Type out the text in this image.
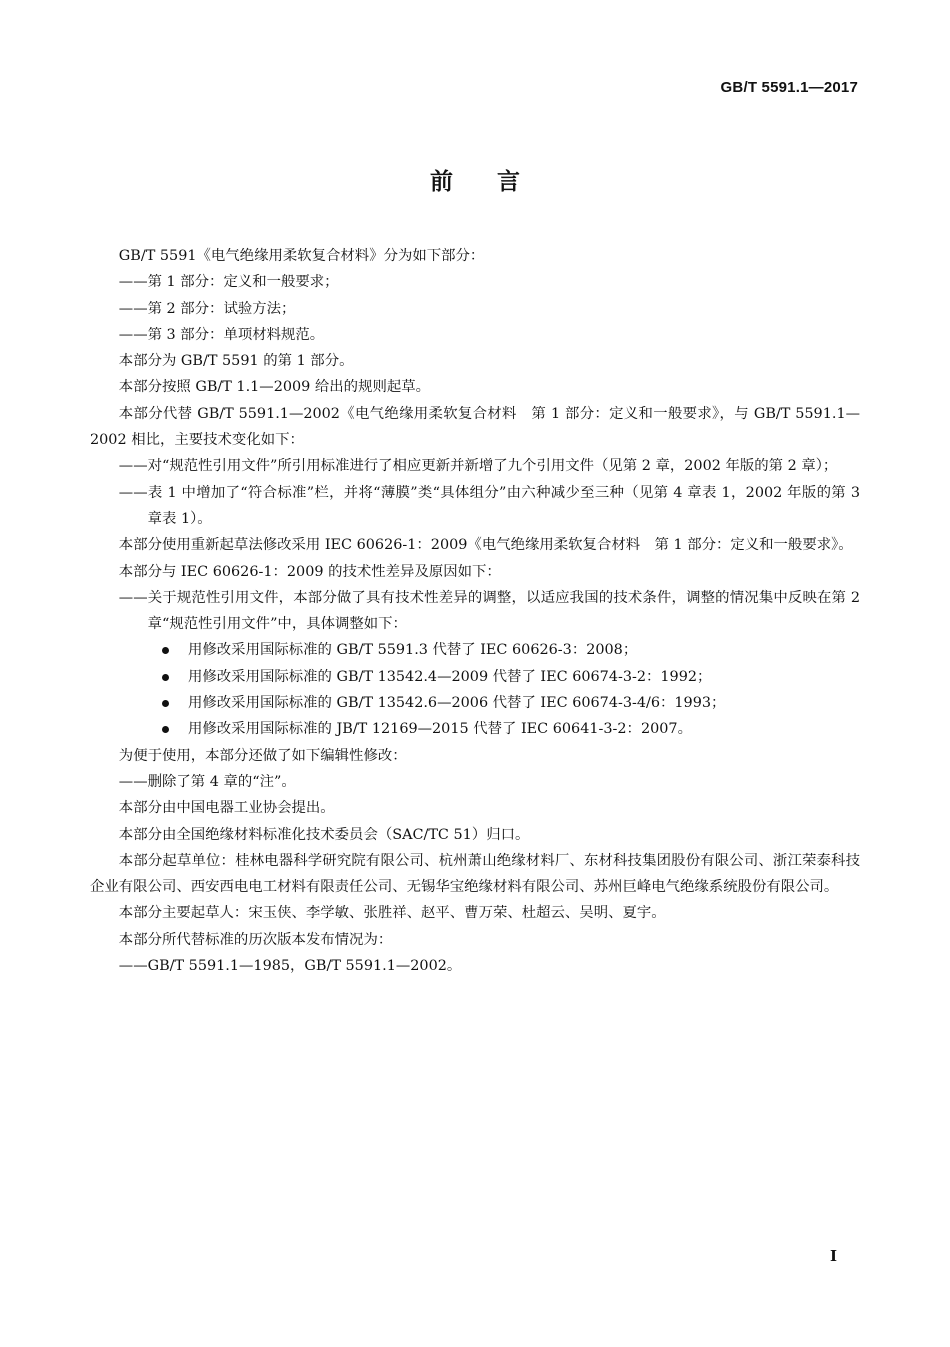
GB/T 5591.1—2017
前言

GB/T 5591《电气绝缘用柔软复合材料》分为如下部分：

——第 1 部分：定义和一般要求；

——第 2 部分：试验方法；

——第 3 部分：单项材料规范。

本部分为 GB/T 5591 的第 1 部分。

本部分按照 GB/T 1.1—2009 给出的规则起草。

本部分代替 GB/T 5591.1—2002《电气绝缘用柔软复合材料　第 1 部分：定义和一般要求》，与 GB/T 5591.1—2002 相比，主要技术变化如下：

——对“规范性引用文件”所引用标准进行了相应更新并新增了九个引用文件（见第 2 章，2002 年版的第 2 章）；

——表 1 中增加了“符合标准”栏，并将“薄膜”类“具体组分”由六种减少至三种（见第 4 章表 1，2002 年版的第 3 章表 1）。

本部分使用重新起草法修改采用 IEC 60626-1：2009《电气绝缘用柔软复合材料　第 1 部分：定义和一般要求》。

本部分与 IEC 60626-1：2009 的技术性差异及原因如下：

——关于规范性引用文件，本部分做了具有技术性差异的调整，以适应我国的技术条件，调整的情况集中反映在第 2 章“规范性引用文件”中，具体调整如下：

用修改采用国际标准的 GB/T 5591.3 代替了 IEC 60626-3：2008；

用修改采用国际标准的 GB/T 13542.4—2009 代替了 IEC 60674-3-2：1992；

用修改采用国际标准的 GB/T 13542.6—2006 代替了 IEC 60674-3-4/6：1993；

用修改采用国际标准的 JB/T 12169—2015 代替了 IEC 60641-3-2：2007。

为便于使用，本部分还做了如下编辑性修改：

——删除了第 4 章的“注”。

本部分由中国电器工业协会提出。

本部分由全国绝缘材料标准化技术委员会（SAC/TC 51）归口。

本部分起草单位：桂林电器科学研究院有限公司、杭州萧山绝缘材料厂、东材科技集团股份有限公司、浙江荣泰科技企业有限公司、西安西电电工材料有限责任公司、无锡华宝绝缘材料有限公司、苏州巨峰电气绝缘系统股份有限公司。

本部分主要起草人：宋玉侠、李学敏、张胜祥、赵平、曹万荣、杜超云、吴明、夏宇。

本部分所代替标准的历次版本发布情况为：

——GB/T 5591.1—1985，GB/T 5591.1—2002。

I
